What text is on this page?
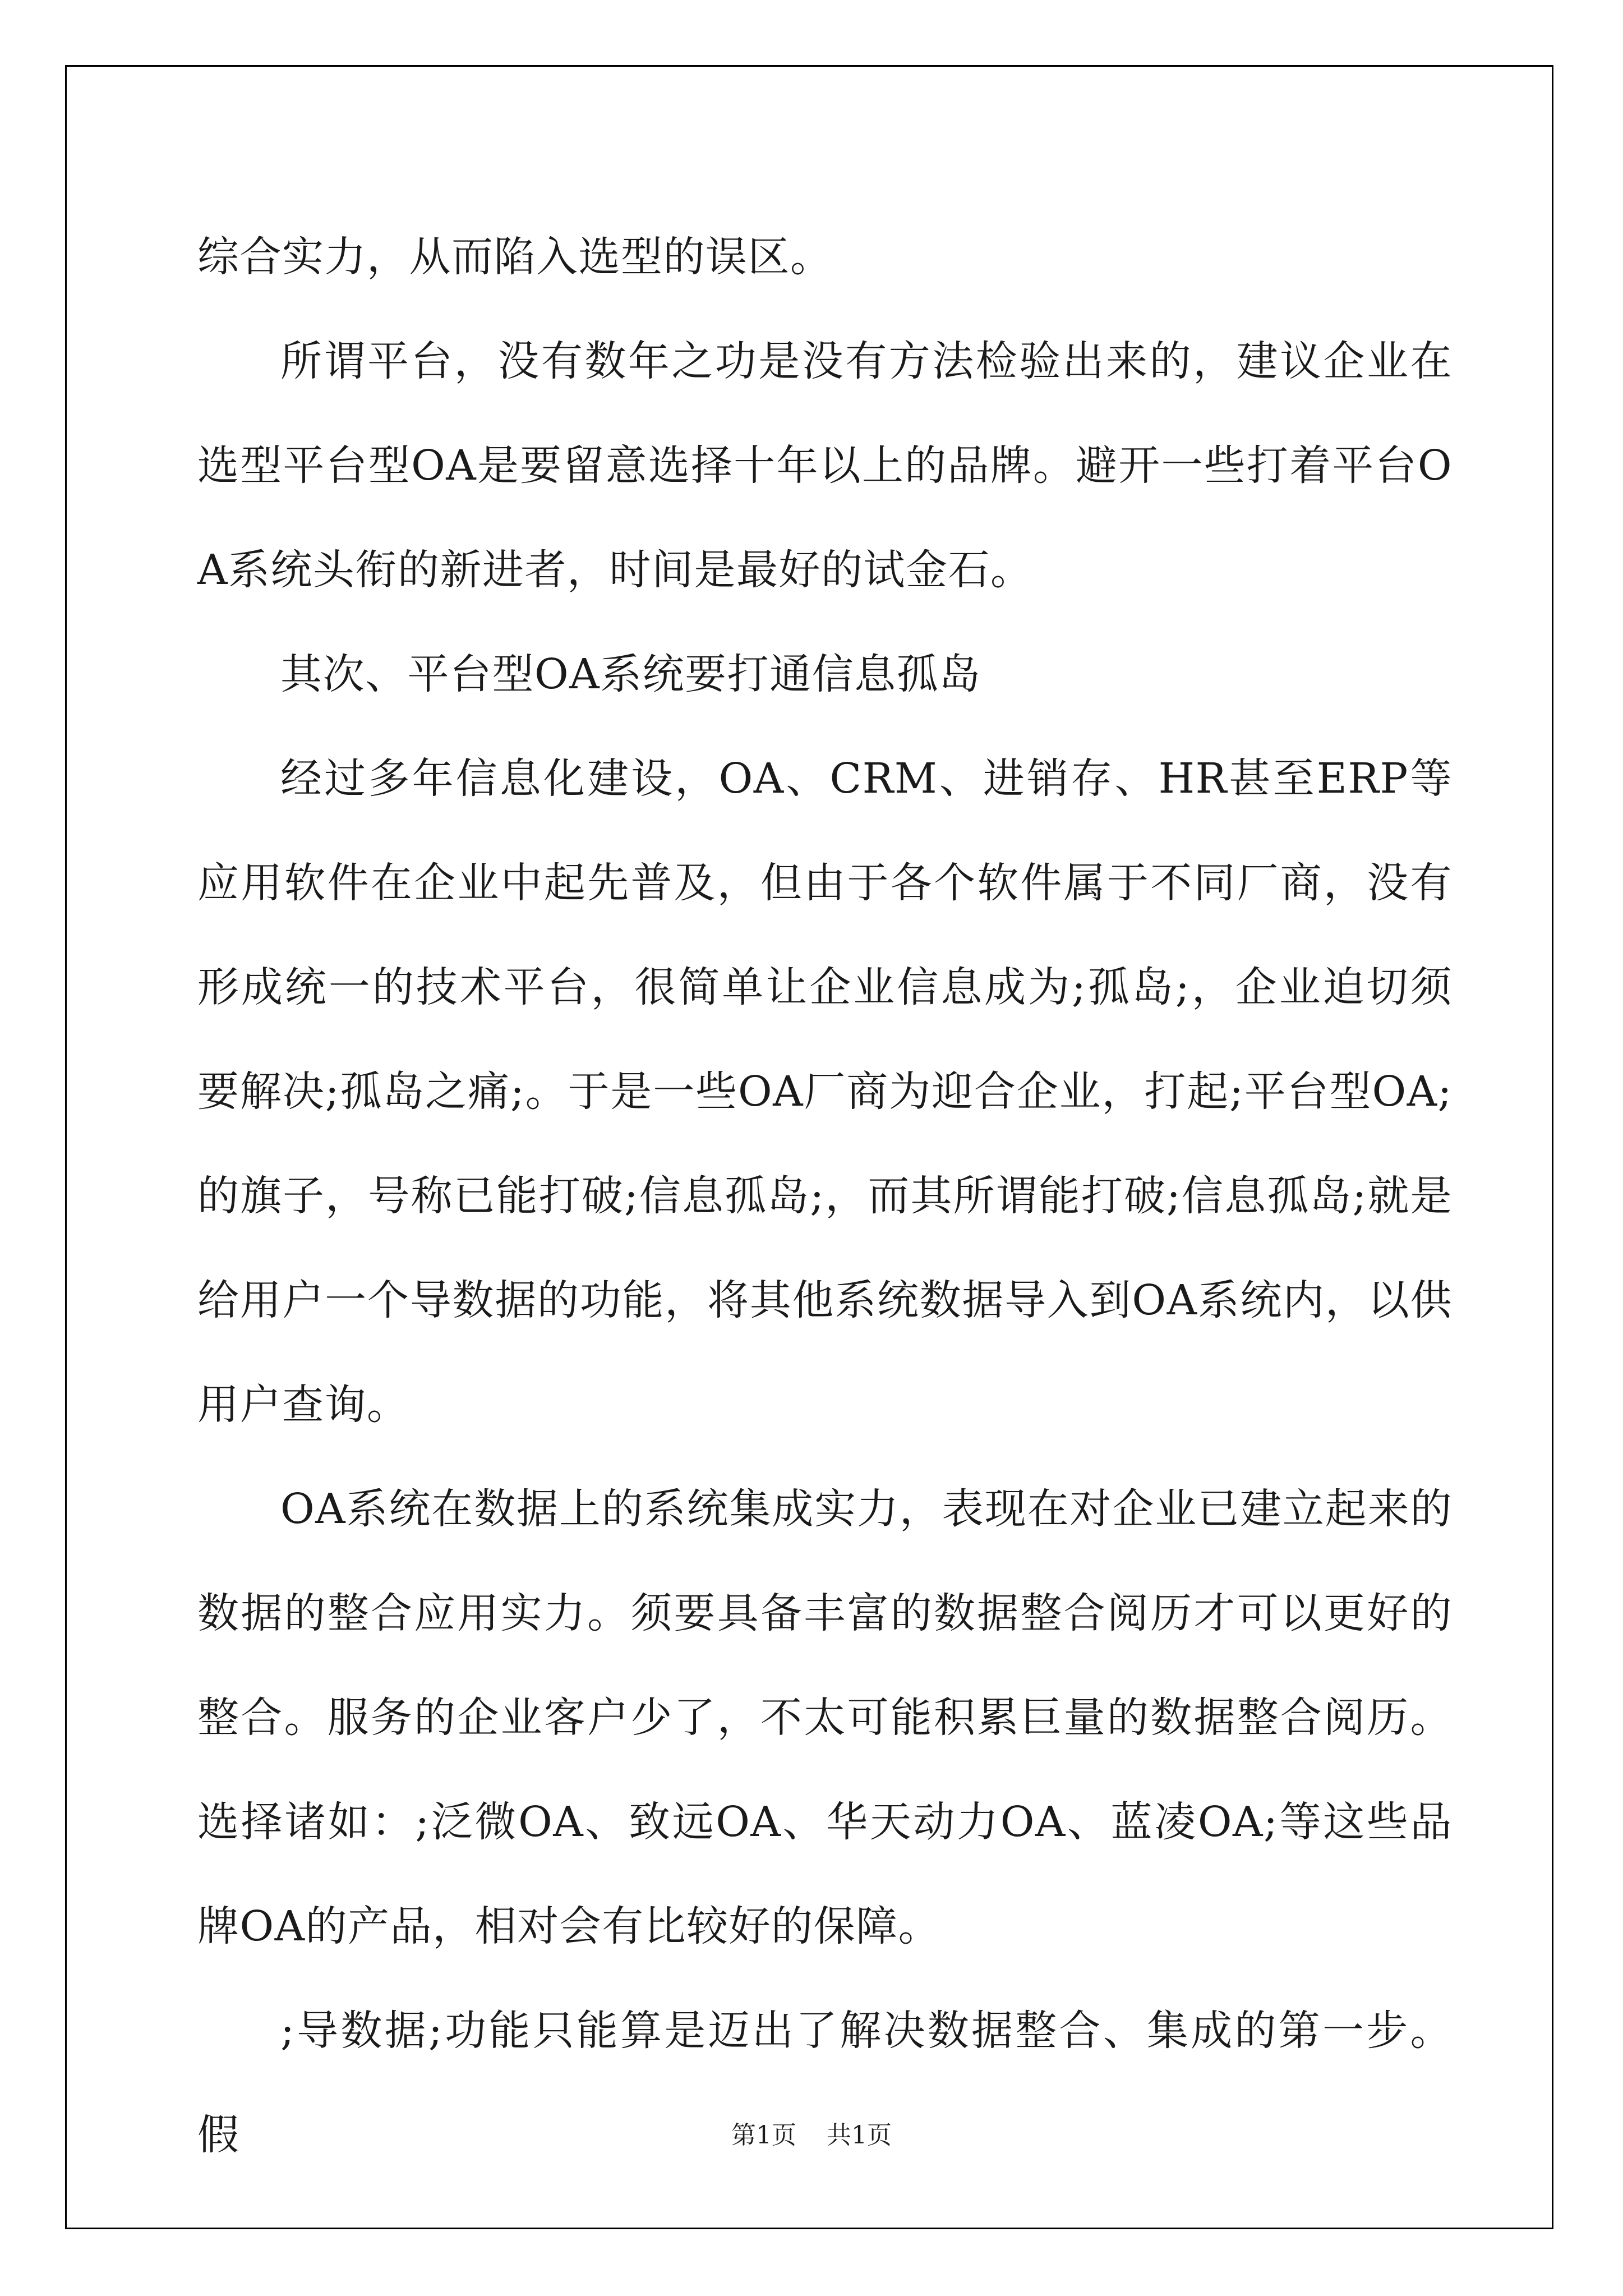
综合实力，从而陷入选型的误区。

所谓平台，没有数年之功是没有方法检验出来的，建议企业在选型平台型OA是要留意选择十年以上的品牌。避开一些打着平台OA系统头衔的新进者，时间是最好的试金石。

其次、平台型OA系统要打通信息孤岛

经过多年信息化建设，OA、CRM、进销存、HR甚至ERP等应用软件在企业中起先普及，但由于各个软件属于不同厂商，没有形成统一的技术平台，很简单让企业信息成为;孤岛;，企业迫切须要解决;孤岛之痛;。于是一些OA厂商为迎合企业，打起;平台型OA;的旗子，号称已能打破;信息孤岛;，而其所谓能打破;信息孤岛;就是给用户一个导数据的功能，将其他系统数据导入到OA系统内，以供用户查询。

OA系统在数据上的系统集成实力，表现在对企业已建立起来的数据的整合应用实力。须要具备丰富的数据整合阅历才可以更好的整合。服务的企业客户少了，不太可能积累巨量的数据整合阅历。选择诸如：;泛微OA、致远OA、华天动力OA、蓝凌OA;等这些品牌OA的产品，相对会有比较好的保障。

;导数据;功能只能算是迈出了解决数据整合、集成的第一步。假	第1页 共1页
